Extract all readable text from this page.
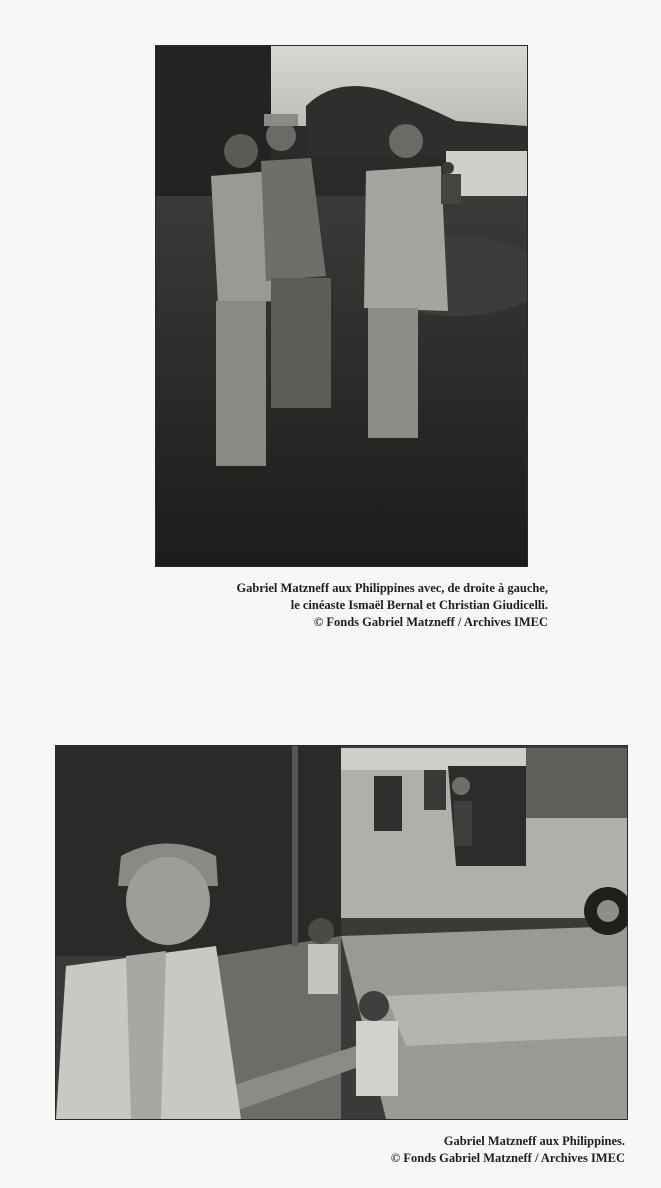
Gabriel Matzneff aux Philippines avec, de droite à gauche,
le cinéaste Ismaël Bernal et Christian Giudicelli.
© Fonds Gabriel Matzneff / Archives IMEC
Gabriel Matzneff aux Philippines.
© Fonds Gabriel Matzneff / Archives IMEC
